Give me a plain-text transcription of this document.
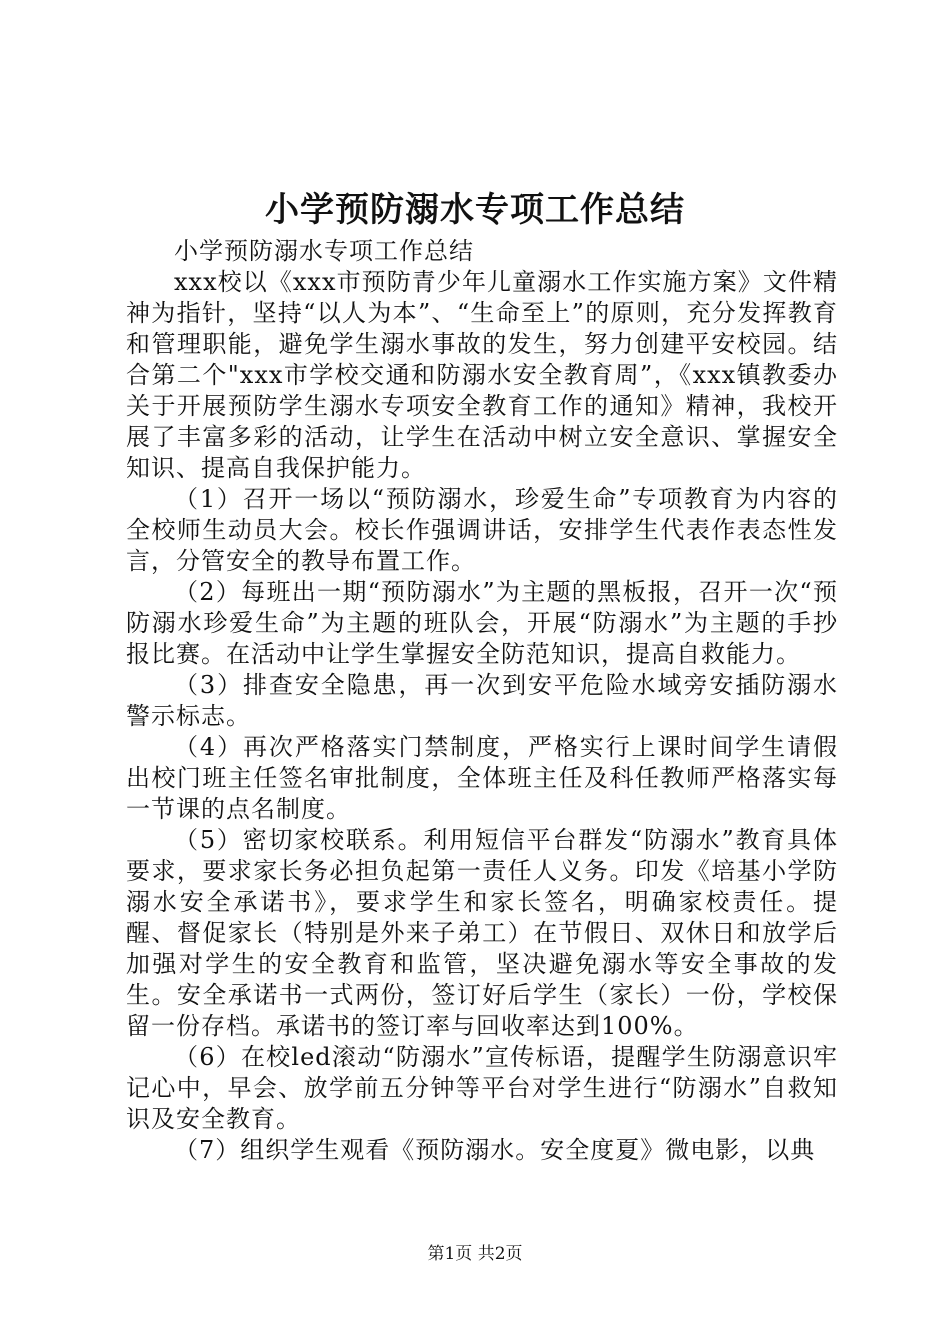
小学预防溺水专项工作总结

小学预防溺水专项工作总结

xxx校以《xxx市预防青少年儿童溺水工作实施方案》文件精神为指针，坚持“以人为本”、“生命至上”的原则，充分发挥教育和管理职能，避免学生溺水事故的发生，努力创建平安校园。结合第二个"xxx市学校交通和防溺水安全教育周”，《xxx镇教委办关于开展预防学生溺水专项安全教育工作的通知》精神，我校开展了丰富多彩的活动，让学生在活动中树立安全意识、掌握安全知识、提高自我保护能力。

（1）召开一场以“预防溺水，珍爱生命”专项教育为内容的全校师生动员大会。校长作强调讲话，安排学生代表作表态性发言，分管安全的教导布置工作。

（2）每班出一期“预防溺水”为主题的黑板报，召开一次“预防溺水珍爱生命”为主题的班队会，开展“防溺水”为主题的手抄报比赛。在活动中让学生掌握安全防范知识，提高自救能力。

（3）排查安全隐患，再一次到安平危险水域旁安插防溺水警示标志。

（4）再次严格落实门禁制度，严格实行上课时间学生请假出校门班主任签名审批制度，全体班主任及科任教师严格落实每一节课的点名制度。

（5）密切家校联系。利用短信平台群发“防溺水”教育具体要求，要求家长务必担负起第一责任人义务。印发《培基小学防溺水安全承诺书》，要求学生和家长签名，明确家校责任。提醒、督促家长（特别是外来子弟工）在节假日、双休日和放学后加强对学生的安全教育和监管，坚决避免溺水等安全事故的发生。安全承诺书一式两份，签订好后学生（家长）一份，学校保留一份存档。承诺书的签订率与回收率达到100%。

（6）在校led滚动“防溺水”宣传标语，提醒学生防溺意识牢记心中，早会、放学前五分钟等平台对学生进行“防溺水”自救知识及安全教育。

（7）组织学生观看《预防溺水。安全度夏》微电影，以典

第1页 共2页
